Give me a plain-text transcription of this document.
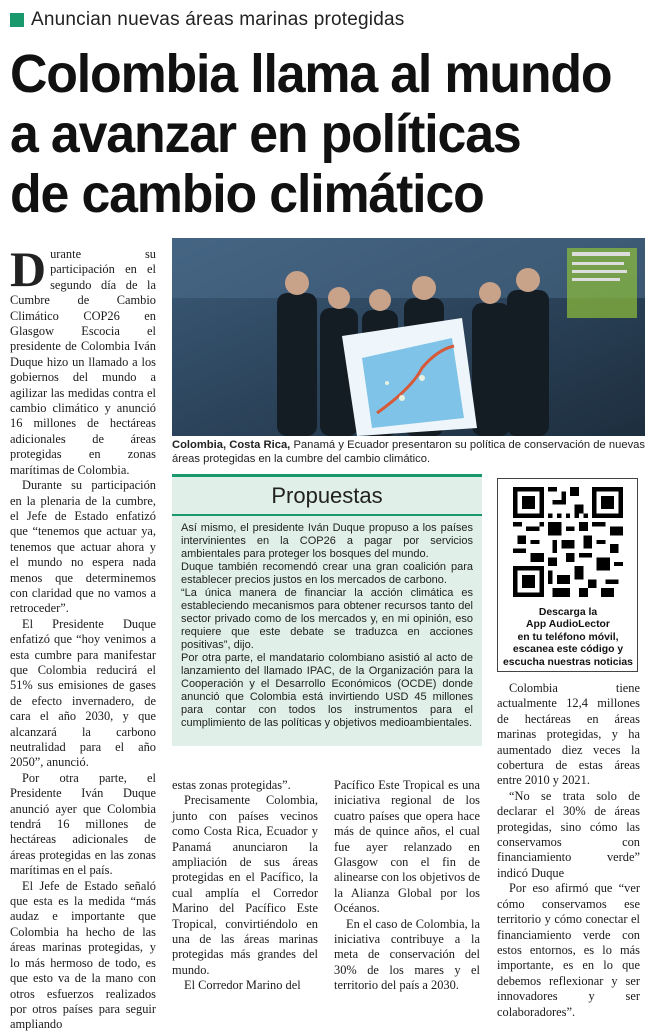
Anuncian nuevas áreas marinas protegidas
Colombia llama al mundo
a avanzar en políticas
de cambio climático

Durante su participación en el segundo día de la Cumbre de Cambio Climático COP26 en Glasgow Escocia el presidente de Colombia Iván Duque hizo un llamado a los gobiernos del mundo a agilizar las medidas contra el cambio climático y anunció 16 millones de hectáreas adicionales de áreas protegidas en zonas marítimas de Colombia.

Durante su participación en la plenaria de la cumbre, el Jefe de Estado enfatizó que “tenemos que actuar ya, tenemos que actuar ahora y el mundo no espera nada menos que determinemos con claridad que no vamos a retroceder”.

El Presidente Duque enfatizó que “hoy venimos a esta cumbre para manifestar que Colombia reducirá el 51% sus emisiones de gases de efecto invernadero, de cara el año 2030, y que alcanzará la carbono neutralidad para el año 2050”, anunció.

Por otra parte, el Presidente Iván Duque anunció ayer que Colombia tendrá 16 millones de hectáreas adicionales de áreas protegidas en las zonas marítimas en el país.

El Jefe de Estado señaló que esta es la medida “más audaz e importante que Colombia ha hecho de las áreas marinas protegidas, y lo más hermoso de todo, es que esto va de la mano con otros esfuerzos realizados por otros países para seguir ampliando

Colombia, Costa Rica, Panamá y Ecuador presentaron su política de conservación de nuevas áreas protegidas en la cumbre del cambio climático.
Propuestas

Así mismo, el presidente Iván Duque propuso a los países intervinientes en la COP26 a pagar por servicios ambientales para proteger los bosques del mundo.

Duque también recomendó crear una gran coalición para establecer precios justos en los mercados de carbono.

“La única manera de financiar la acción climática es estableciendo mecanismos para obtener recursos tanto del sector privado como de los mercados y, en mi opinión, eso requiere que este debate se traduzca en acciones positivas”, dijo.

Por otra parte, el mandatario colombiano asistió al acto de lanzamiento del llamado IPAC, de la Organización para la Cooperación y el Desarrollo Económicos (OCDE) donde anunció que Colombia está invirtiendo USD 45 millones para contar con todos los instrumentos para el cumplimiento de las políticas y objetivos medioambientales.

Descarga la
App AudioLector
en tu teléfono móvil,
escanea este código y
escucha nuestras noticias

estas zonas protegidas”.

Precisamente Colombia, junto con países vecinos como Costa Rica, Ecuador y Panamá anunciaron la ampliación de sus áreas protegidas en el Pacífico, la cual amplía el Corredor Marino del Pacífico Este Tropical, convirtiéndolo en una de las áreas marinas protegidas más grandes del mundo.

El Corredor Marino del

Pacífico Este Tropical es una iniciativa regional de los cuatro países que opera hace más de quince años, el cual fue ayer relanzado en Glasgow con el fin de alinearse con los objetivos de la Alianza Global por los Océanos.

En el caso de Colombia, la iniciativa contribuye a la meta de conservación del 30% de los mares y el territorio del país a 2030.

Colombia tiene actualmente 12,4 millones de hectáreas en áreas marinas protegidas, y ha aumentado diez veces la cobertura de estas áreas entre 2010 y 2021.

“No se trata solo de declarar el 30% de áreas protegidas, sino cómo las conservamos con financiamiento verde” indicó Duque

Por eso afirmó que “ver cómo conservamos ese territorio y cómo conectar el financiamiento verde con estos entornos, es lo más importante, es en lo que debemos reflexionar y ser innovadores y ser colaboradores”.
